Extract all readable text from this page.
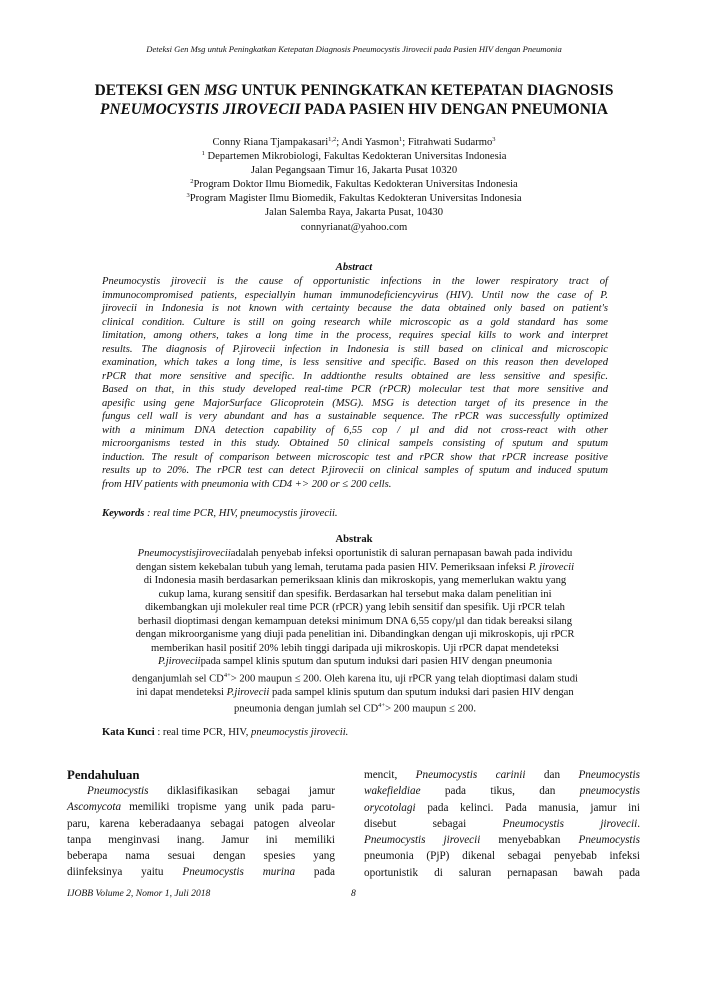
Deteksi Gen Msg untuk Peningkatkan Ketepatan Diagnosis Pneumocystis Jirovecii pada Pasien HIV dengan Pneumonia
DETEKSI GEN MSG UNTUK PENINGKATKAN KETEPATAN DIAGNOSIS
PNEUMOCYSTIS JIROVECII PADA PASIEN HIV DENGAN PNEUMONIA
Conny Riana Tjampakasari$^{1,2}$; Andi Yasmon$^1$; Fitrahwati Sudarmo$^3$
$^1$ Departemen Mikrobiologi, Fakultas Kedokteran Universitas Indonesia
Jalan Pegangsaan Timur 16, Jakarta Pusat 10320
$^2$Program Doktor Ilmu Biomedik, Fakultas Kedokteran Universitas Indonesia
$^3$Program Magister Ilmu Biomedik, Fakultas Kedokteran Universitas Indonesia
Jalan Salemba Raya, Jakarta Pusat, 10430
connyrianat@yahoo.com
Abstract
Pneumocystis jirovecii is the cause of opportunistic infections in the lower respiratory tract of
immunocompromised patients, especiallyin human immunodeficiencyvirus (HIV). Until now the case of P.
jirovecii in Indonesia is not known with certainty because the data obtained only based on patient's
clinical condition. Culture is still on going research while microscopic as a gold standard has some
limitation, among others, takes a long time in the process, requires special kills to work and interpret
results. The diagnosis of P.jirovecii infection in Indonesia is still based on clinical and microscopic
examination, which takes a long time, is less sensitive and specific. Based on this reason then developed
rPCR that more sensitive and specific. In addtionthe results obtained are less sensitive and spesific.
Based on that, in this study developed real-time PCR (rPCR) molecular test that more sensitive and
apesific using gene MajorSurface Glicoprotein (MSG). MSG is detection target of its presence in the
fungus cell wall is very abundant and has a sustainable sequence. The rPCR was successfully optimized
with a minimum DNA detection capability of 6,55 cop / µl and did not cross-react with other
microorganisms tested in this study. Obtained 50 clinical sampels consisting of sputum and sputum
induction. The result of comparison between microscopic test and rPCR show that rPCR increase positive
results up to 20%. The rPCR test can detect P.jirovecii on clinical samples of sputum and induced sputum
from HIV patients with pneumonia with CD4 +> 200 or ≤ 200 cells.
Keywords : real time PCR, HIV, pneumocystis jirovecii.
Abstrak
Pneumocystisjiroveciiadalah penyebab infeksi oportunistik di saluran pernapasan bawah pada individu
dengan sistem kekebalan tubuh yang lemah, terutama pada pasien HIV. Pemeriksaan infeksi P. jirovecii
di Indonesia masih berdasarkan pemeriksaan klinis dan mikroskopis, yang memerlukan waktu yang
cukup lama, kurang sensitif dan spesifik. Berdasarkan hal tersebut maka dalam penelitian ini
dikembangkan uji molekuler real time PCR (rPCR) yang lebih sensitif dan spesifik. Uji rPCR telah
berhasil dioptimasi dengan kemampuan deteksi minimum DNA 6,55 copy/µl dan tidak bereaksi silang
dengan mikroorganisme yang diuji pada penelitian ini. Dibandingkan dengan uji mikroskopis, uji rPCR
memberikan hasil positif 20% lebih tinggi daripada uji mikroskopis. Uji rPCR dapat mendeteksi
P.jiroveciipada sampel klinis sputum dan sputum induksi dari pasien HIV dengan pneumonia
denganjumlah sel $CD^{4+}> 200$ maupun ≤ 200. Oleh karena itu, uji rPCR yang telah dioptimasi dalam studi
ini dapat mendeteksi P.jirovecii pada sampel klinis sputum dan sputum induksi dari pasien HIV dengan
pneumonia dengan jumlah sel $CD^{4+}> 200$ maupun ≤ 200.
Kata Kunci : real time PCR, HIV, pneumocystis jirovecii.
Pendahuluan
Pneumocystis diklasifikasikan sebagai jamur
Ascomycota memiliki tropisme yang unik pada paru-
paru, karena keberadaanya sebagai patogen alveolar
tanpa menginvasi inang. Jamur ini memiliki
beberapa nama sesuai dengan spesies yang
diinfeksinya yaitu Pneumocystis murina pada
mencit, Pneumocystis carinii dan Pneumocystis
wakefieldiae pada tikus, dan pneumocystis
orycotolagi pada kelinci. Pada manusia, jamur ini
disebut sebagai Pneumocystis jirovecii.
Pneumocystis jirovecii menyebabkan Pneumocystis
pneumonia (PjP) dikenal sebagai penyebab infeksi
oportunistik di saluran pernapasan bawah pada
IJOBB Volume 2, Nomor 1, Juli 2018	8
